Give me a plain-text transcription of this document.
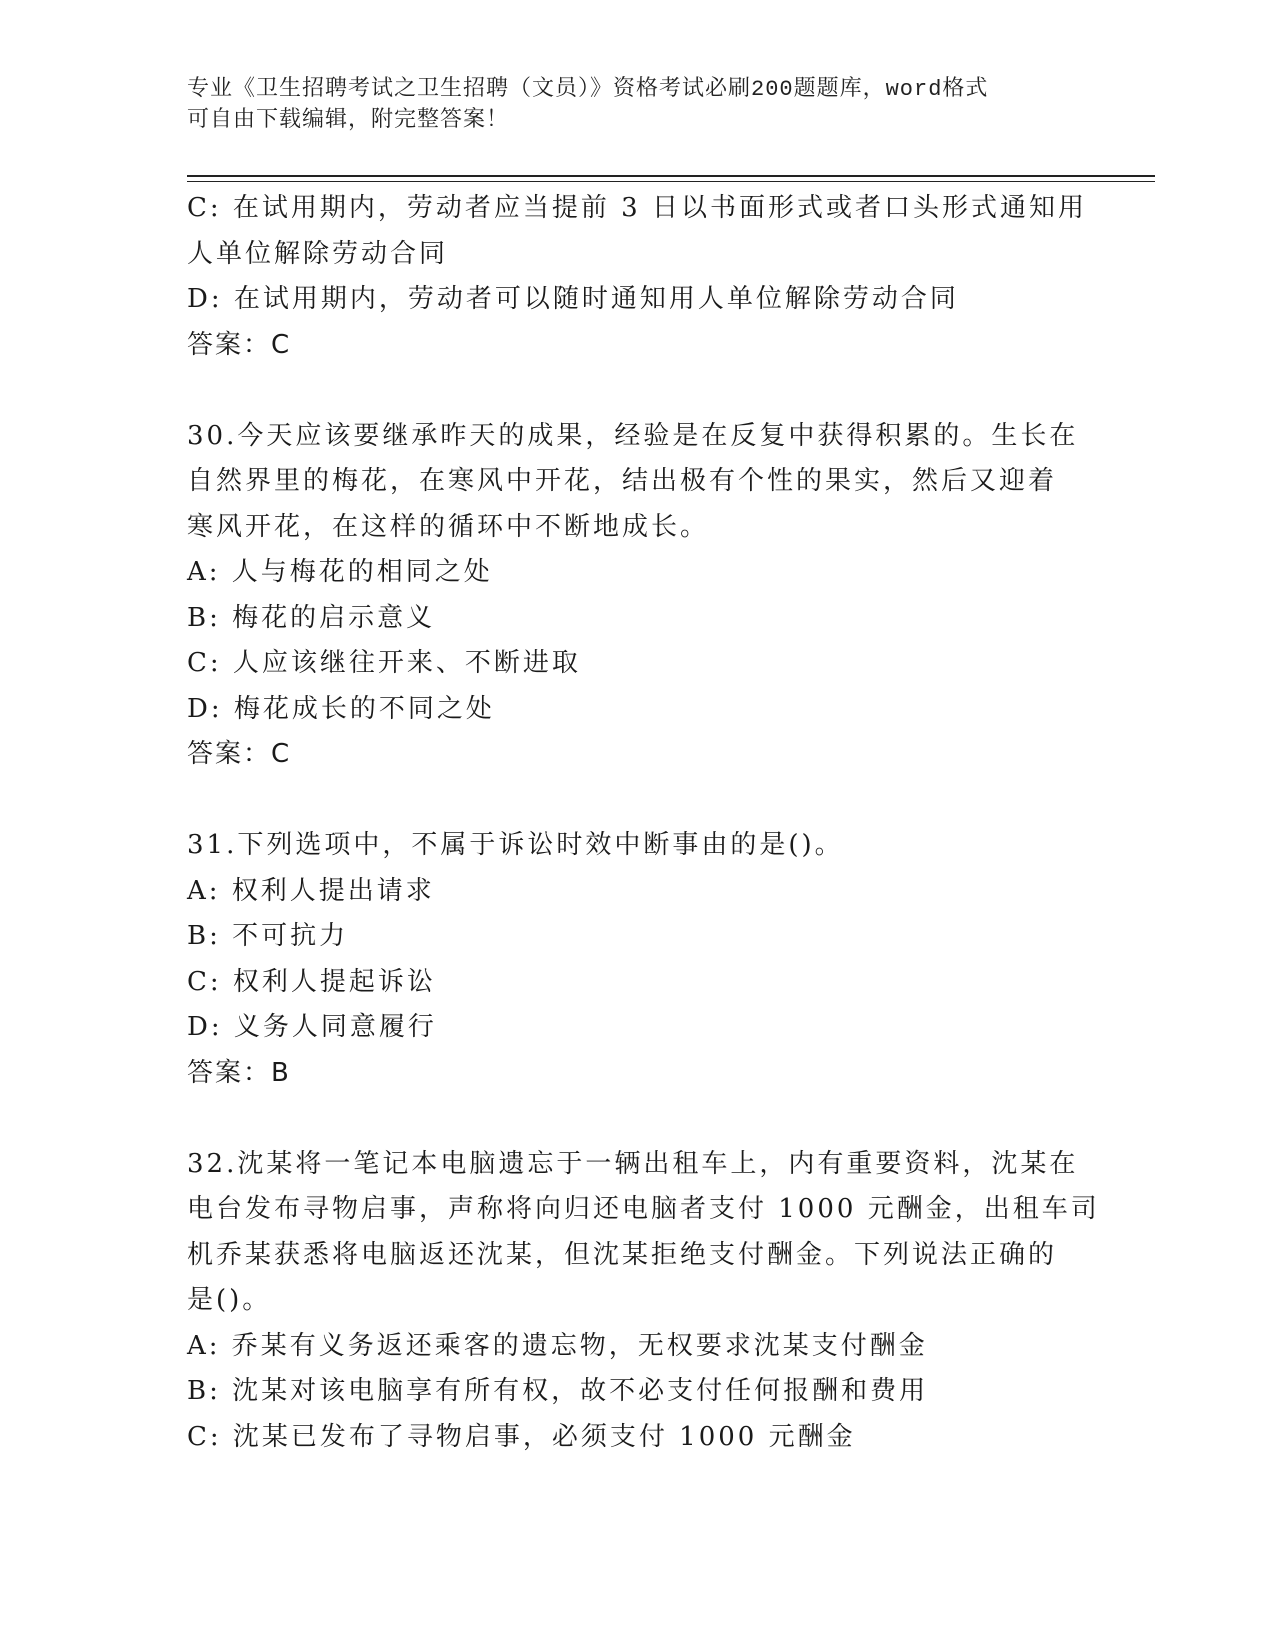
专业《卫生招聘考试之卫生招聘（文员）》资格考试必刷200题题库，word格式
可自由下载编辑，附完整答案！
C: 在试用期内，劳动者应当提前 3 日以书面形式或者口头形式通知用
人单位解除劳动合同
D: 在试用期内，劳动者可以随时通知用人单位解除劳动合同
答案：C
30.今天应该要继承昨天的成果，经验是在反复中获得积累的。生长在
自然界里的梅花，在寒风中开花，结出极有个性的果实，然后又迎着
寒风开花，在这样的循环中不断地成长。
A: 人与梅花的相同之处
B: 梅花的启示意义
C: 人应该继往开来、不断进取
D: 梅花成长的不同之处
答案：C
31.下列选项中，不属于诉讼时效中断事由的是()。
A: 权利人提出请求
B: 不可抗力
C: 权利人提起诉讼
D: 义务人同意履行
答案：B
32.沈某将一笔记本电脑遗忘于一辆出租车上，内有重要资料，沈某在
电台发布寻物启事，声称将向归还电脑者支付 1000 元酬金，出租车司
机乔某获悉将电脑返还沈某，但沈某拒绝支付酬金。下列说法正确的
是()。
A: 乔某有义务返还乘客的遗忘物，无权要求沈某支付酬金
B: 沈某对该电脑享有所有权，故不必支付任何报酬和费用
C: 沈某已发布了寻物启事，必须支付 1000 元酬金
